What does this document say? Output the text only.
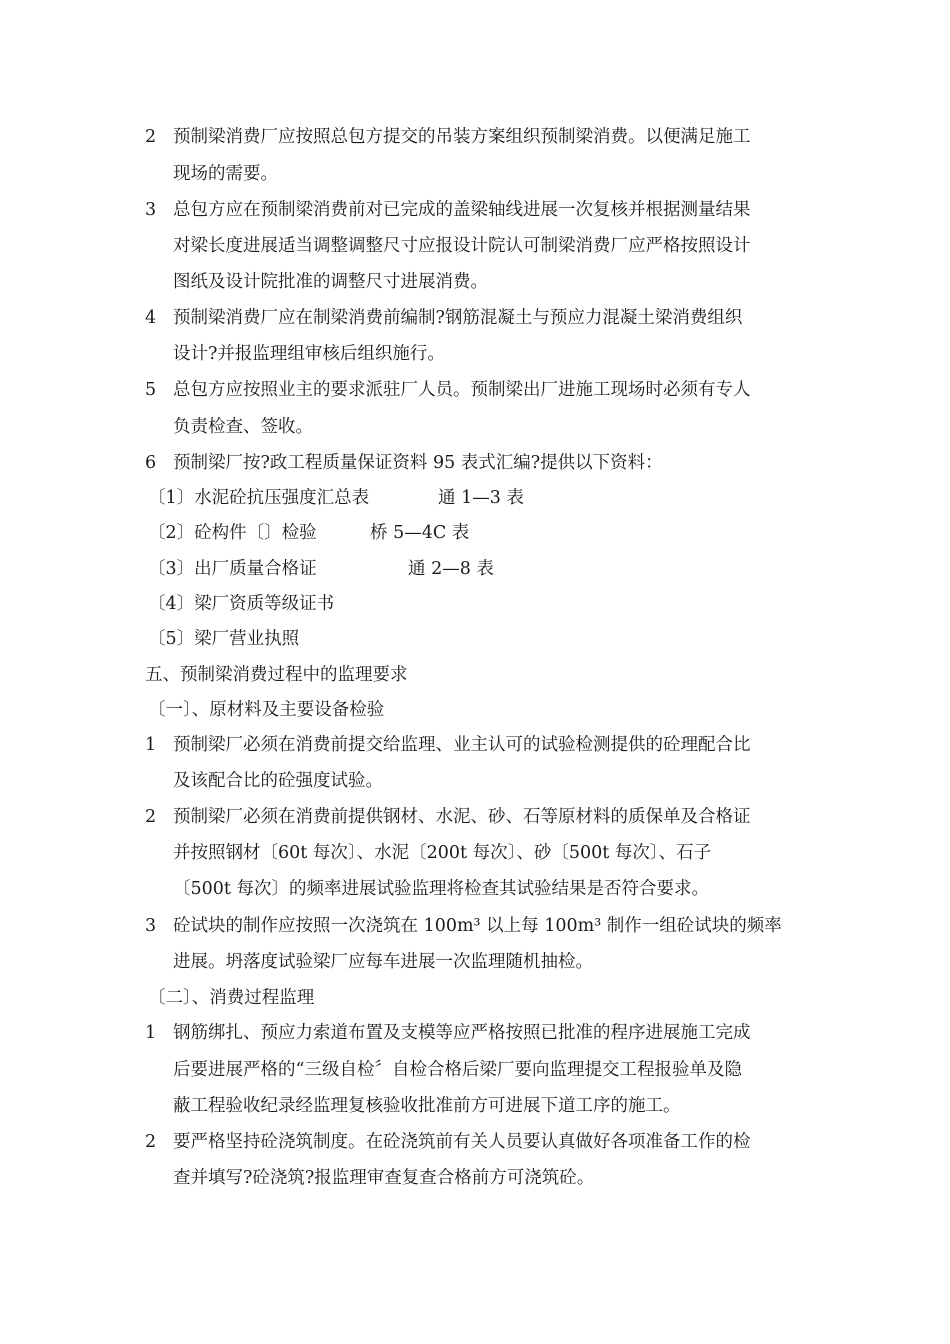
2 预制梁消费厂应按照总包方提交的吊装方案组织预制梁消费。以便满足施工
现场的需要。
3 总包方应在预制梁消费前对已完成的盖梁轴线进展一次复核并根据测量结果
对梁长度进展适当调整调整尺寸应报设计院认可制梁消费厂应严格按照设计
图纸及设计院批准的调整尺寸进展消费。
4 预制梁消费厂应在制梁消费前编制?钢筋混凝土与预应力混凝土梁消费组织
设计?并报监理组审核后组织施行。
5 总包方应按照业主的要求派驻厂人员。预制梁出厂进施工现场时必须有专人
负责检查、签收。
6 预制梁厂按?政工程质量保证资料 95 表式汇编?提供以下资料：
〔1〕水泥砼抗压强度汇总表	通 1—3 表
〔2〕砼构件〔〕检验	桥 5—4C 表
〔3〕出厂质量合格证	通 2—8 表
〔4〕梁厂资质等级证书
〔5〕梁厂营业执照
五、预制梁消费过程中的监理要求
〔一〕、原材料及主要设备检验
1 预制梁厂必须在消费前提交给监理、业主认可的试验检测提供的砼理配合比
及该配合比的砼强度试验。
2 预制梁厂必须在消费前提供钢材、水泥、砂、石等原材料的质保单及合格证
并按照钢材〔60t 每次〕、水泥〔200t 每次〕、砂〔500t 每次〕、石子
〔500t 每次〕的频率进展试验监理将检查其试验结果是否符合要求。
3 砼试块的制作应按照一次浇筑在 100m³ 以上每 100m³ 制作一组砼试块的频率
进展。坍落度试验梁厂应每车进展一次监理随机抽检。
〔二〕、消费过程监理
1 钢筋绑扎、预应力索道布置及支模等应严格按照已批准的程序进展施工完成
后要进展严格的“三级自检〞自检合格后梁厂要向监理提交工程报验单及隐
蔽工程验收纪录经监理复核验收批准前方可进展下道工序的施工。
2 要严格坚持砼浇筑制度。在砼浇筑前有关人员要认真做好各项准备工作的检
查并填写?砼浇筑?报监理审查复查合格前方可浇筑砼。
